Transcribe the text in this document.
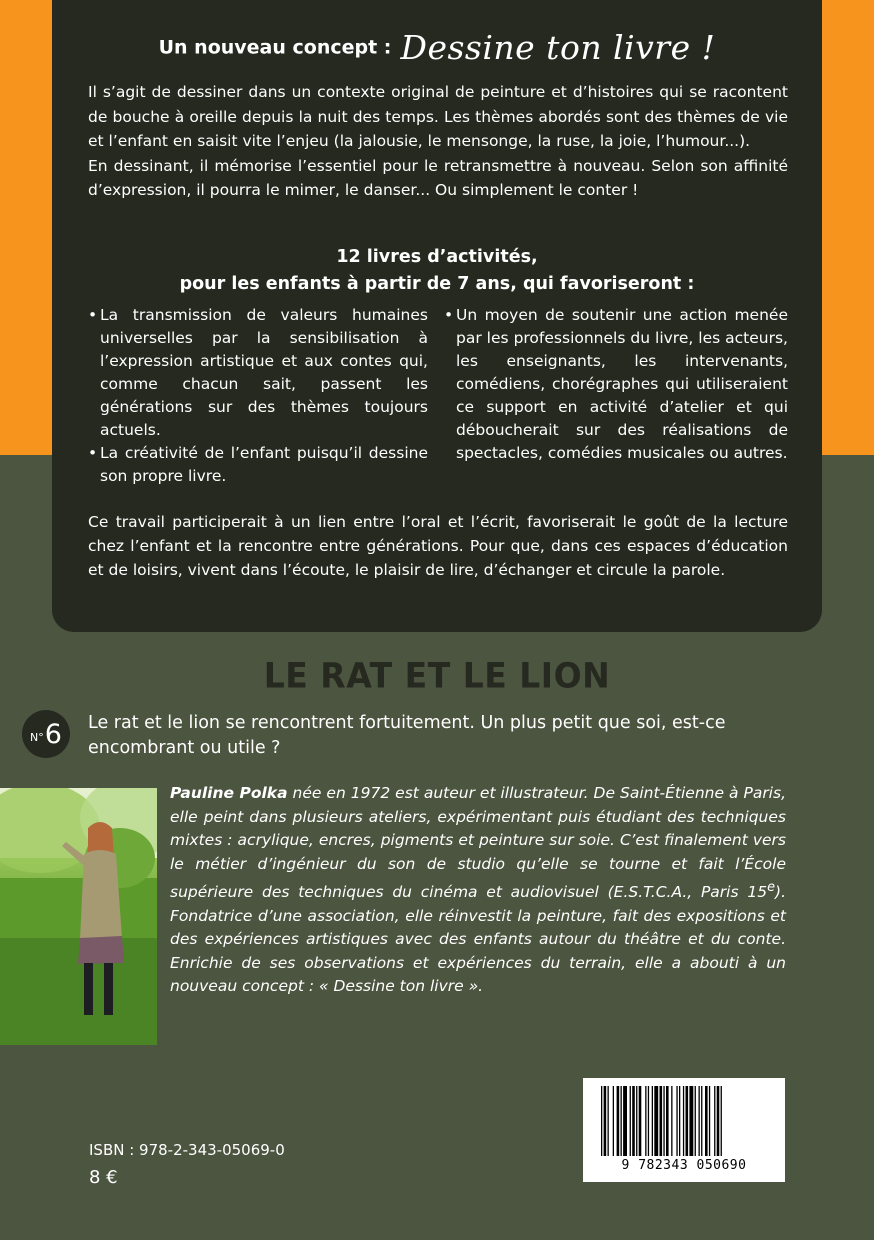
Un nouveau concept : Dessine ton livre !

Il s’agit de dessiner dans un contexte original de peinture et d’histoires qui se racontent de bouche à oreille depuis la nuit des temps. Les thèmes abordés sont des thèmes de vie et l’enfant en saisit vite l’enjeu (la jalousie, le mensonge, la ruse, la joie, l’humour...).

En dessinant, il mémorise l’essentiel pour le retransmettre à nouveau. Selon son affinité d’expression, il pourra le mimer, le danser... Ou simplement le conter !

12 livres d’activités,
pour les enfants à partir de 7 ans, qui favoriseront :
• La transmission de valeurs humaines universelles par la sensibilisation à l’expression artistique et aux contes qui, comme chacun sait, passent les générations sur des thèmes toujours actuels.
• La créativité de l’enfant puisqu’il dessine son propre livre.
• Un moyen de soutenir une action menée par les professionnels du livre, les acteurs, les enseignants, les intervenants, comédiens, chorégraphes qui utiliseraient ce support en activité d’atelier et qui déboucherait sur des réalisations de spectacles, comédies musicales ou autres.
Ce travail participerait à un lien entre l’oral et l’écrit, favoriserait le goût de la lecture chez l’enfant et la rencontre entre générations. Pour que, dans ces espaces d’éducation et de loisirs, vivent dans l’écoute, le plaisir de lire, d’échanger et circule la parole.
LE RAT ET LE LION
N° 6 Le rat et le lion se rencontrent fortuitement. Un plus petit que soi, est-ce encombrant ou utile ?
Pauline Polka née en 1972 est auteur et illustrateur. De Saint-Étienne à Paris, elle peint dans plusieurs ateliers, expérimentant puis étudiant des techniques mixtes : acrylique, encres, pigments et peinture sur soie. C’est finalement vers le métier d’ingénieur du son de studio qu’elle se tourne et fait l’École supérieure des techniques du cinéma et audiovisuel (E.S.T.C.A., Paris 15e). Fondatrice d’une association, elle réinvestit la peinture, fait des expositions et des expériences artistiques avec des enfants autour du théâtre et du conte. Enrichie de ses observations et expériences du terrain, elle a abouti à un nouveau concept : « Dessine ton livre ».
9 782343 050690
ISBN : 978-2-343-05069-0
8 €
